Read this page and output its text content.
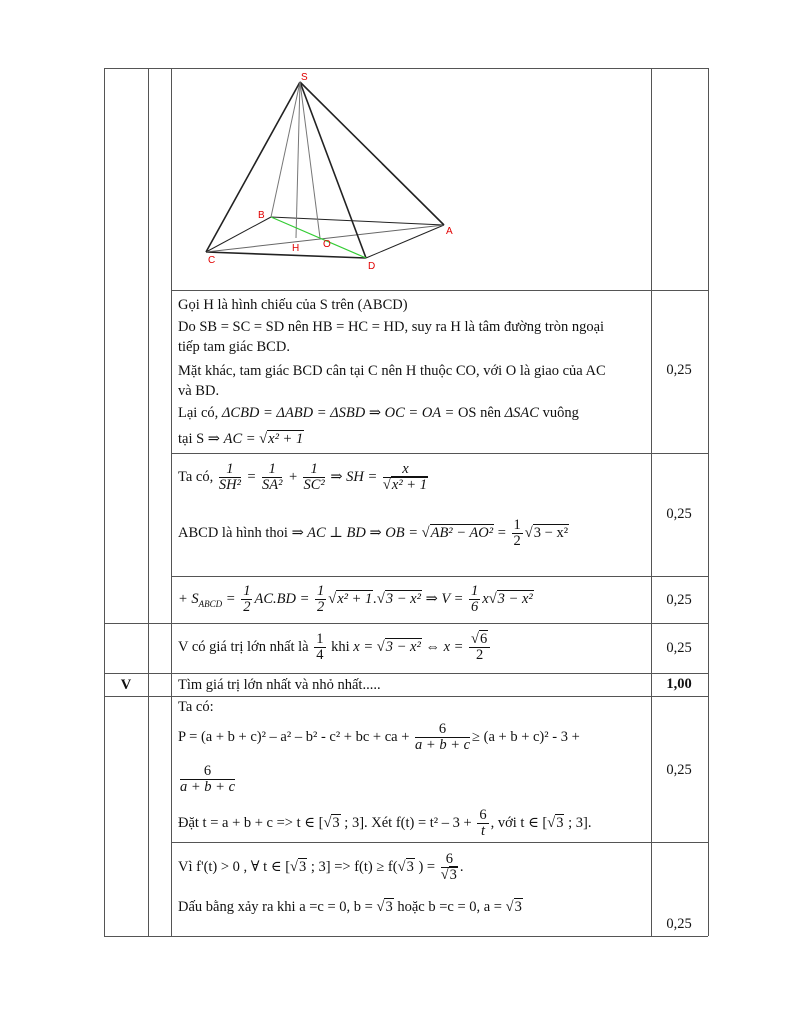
S
A
B
C
D
H O
Gọi H là hình chiếu của S trên (ABCD)
Do SB = SC = SD nên HB = HC = HD, suy ra H là tâm đường tròn ngoại
tiếp tam giác BCD.
Mặt khác, tam giác BCD cân tại C nên H thuộc CO, với O là giao của AC
và BD.
Lại có, ΔCBD = ΔABD = ΔSBD ⇒ OC = OA = OS nên ΔSAC vuông
tại S ⇒ AC = √x² + 1
0,25
Ta có, $\frac{1}{\text{SH²}} = \frac{1}{\text{SA²}} + \frac{1}{\text{SC²}}$ ⇒ SH = $\frac{x}{\text{√x² + 1}}$
ABCD là hình thoi ⇒ AC ⊥ BD ⇒ OB = $√AB^2 - AO^2 = \frac{1}{2} √3 - x^2$
0,25
+ $S_{ABCD} = \frac{1}{2} AC.BD = \frac{1}{2} √x^2 + 1.√3 - x^2$ ⇒ $V = \frac{1}{6} x√3 - x^2$	0,25
V có giá trị lớn nhất là $\frac{1}{4}$ khi x = √3 − x² ⇔ $x = \frac{√6}{2}$	0,25
V	Tìm giá trị lớn nhất và nhỏ nhất.....	1,00
Ta có:
P = (a + b + c)² – a² – b² - c² + bc + ca + $\frac{6}{a + b + c} \ge (a + b + c)^2 - 3$ +
$\frac{6}{a + b + c}$
Đặt t = a + b + c => t ∈ [√3 ; 3]. Xét $f(t) = t^2 - 3 + \frac{6}{t}$ , với t ∈ [√3 ; 3].
0,25
Vì f'(t) > 0 , ∀ t ∈ [√3 ; 3] => f(t) ≥ f(√3 ) = $\frac{6}{√3}$ .
Dấu bằng xảy ra khi a =c = 0, b = √3 hoặc b =c = 0, a = √3
0,25
